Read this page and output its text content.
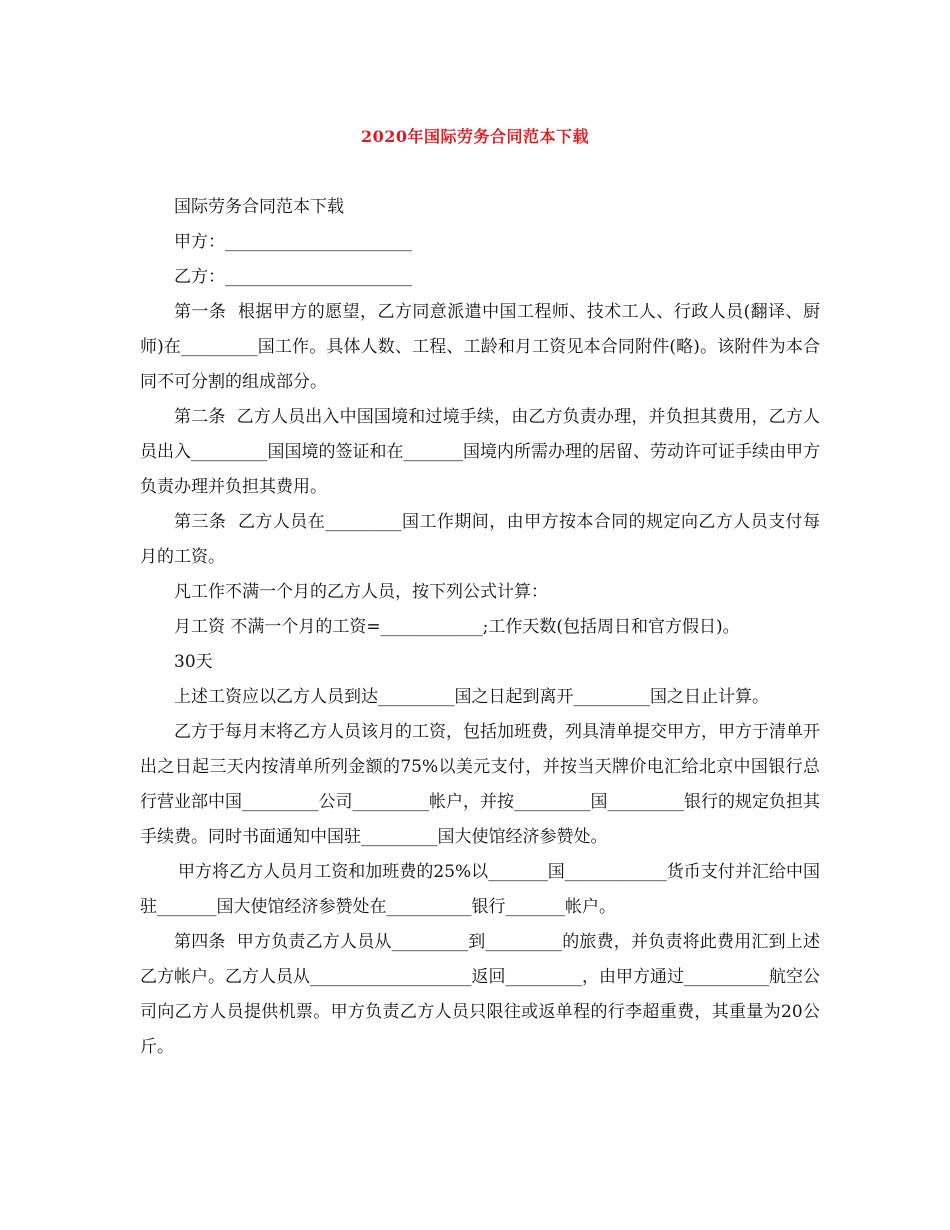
2020年国际劳务合同范本下载

国际劳务合同范本下载

甲方：______________________

乙方：______________________

第一条  根据甲方的愿望，乙方同意派遣中国工程师、技术工人、行政人员(翻译、厨师)在_________国工作。具体人数、工程、工龄和月工资见本合同附件(略)。该附件为本合同不可分割的组成部分。

第二条  乙方人员出入中国国境和过境手续，由乙方负责办理，并负担其费用，乙方人员出入_________国国境的签证和在_______国境内所需办理的居留、劳动许可证手续由甲方负责办理并负担其费用。

第三条  乙方人员在_________国工作期间，由甲方按本合同的规定向乙方人员支付每月的工资。

凡工作不满一个月的乙方人员，按下列公式计算：

月工资 不满一个月的工资=____________;工作天数(包括周日和官方假日)。

30天

上述工资应以乙方人员到达_________国之日起到离开_________国之日止计算。

乙方于每月末将乙方人员该月的工资，包括加班费，列具清单提交甲方，甲方于清单开出之日起三天内按清单所列金额的75%以美元支付，并按当天牌价电汇给北京中国银行总行营业部中国_________公司_________帐户，并按_________国_________银行的规定负担其手续费。同时书面通知中国驻_________国大使馆经济参赞处。

甲方将乙方人员月工资和加班费的25%以_______国____________货币支付并汇给中国驻_______国大使馆经济参赞处在__________银行_______帐户。

第四条  甲方负责乙方人员从_________到_________的旅费，并负责将此费用汇到上述乙方帐户。乙方人员从___________________返回_________，由甲方通过__________航空公司向乙方人员提供机票。甲方负责乙方人员只限往或返单程的行李超重费，其重量为20公斤。
